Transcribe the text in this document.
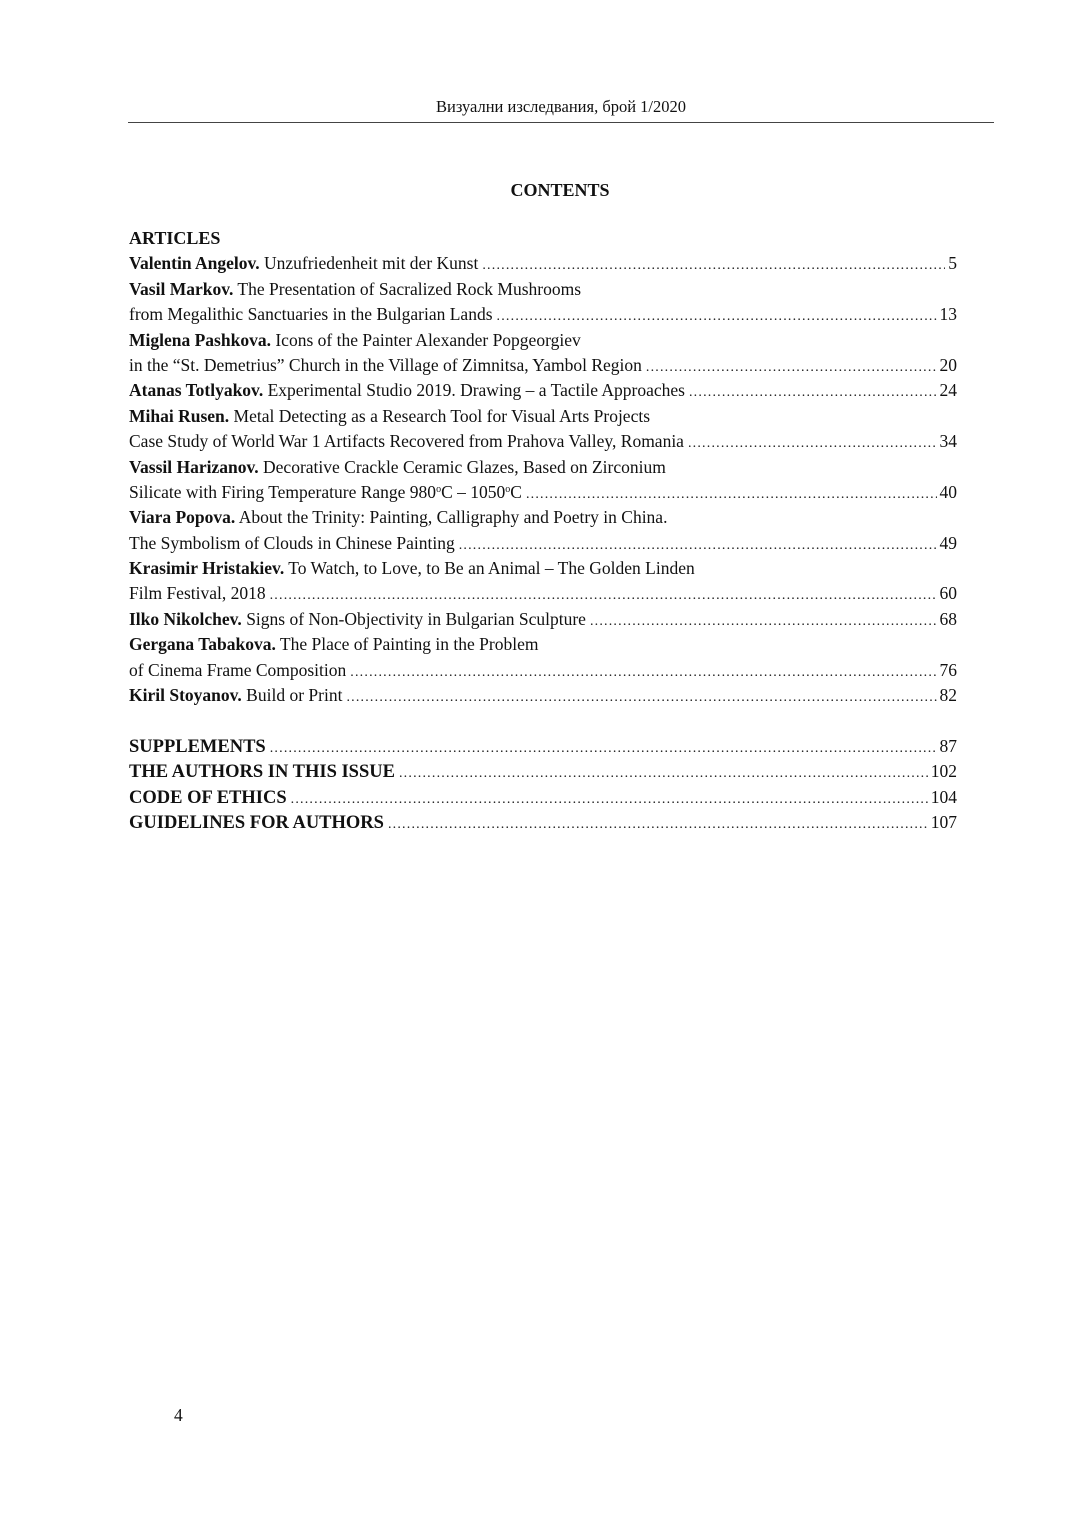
Визуални изследвания, брой 1/2020
CONTENTS
ARTICLES
Valentin Angelov. Unzufriedenheit mit der Kunst .....	5
Vasil Markov. The Presentation of Sacralized Rock Mushrooms
from Megalithic Sanctuaries in the Bulgarian Lands .....	13
Miglena Pashkova. Icons of the Painter Alexander Popgeorgiev
in the “St. Demetrius” Church in the Village of Zimnitsa, Yambol Region .....	20
Atanas Totlyakov. Experimental Studio 2019. Drawing – a Tactile Approaches .....	24
Mihai Rusen. Metal Detecting as a Research Tool for Visual Arts Projects
Case Study of World War 1 Artifacts Recovered from Prahova Valley, Romania .....	34
Vassil Harizanov. Decorative Crackle Ceramic Glazes, Based on Zirconium
Silicate with Firing Temperature Range 980$^o$C – 1050$^o$C .....	40
Viara Popova. About the Trinity: Painting, Calligraphy and Poetry in China.
The Symbolism of Clouds in Chinese Painting .....	49
Krasimir Hristakiev. To Watch, to Love, to Be an Animal – The Golden Linden
Film Festival, 2018 .....	60
Ilko Nikolchev. Signs of Non-Objectivity in Bulgarian Sculpture .....	68
Gergana Tabakova. The Place of Painting in the Problem
of Cinema Frame Composition .....	76
Kiril Stoyanov. Build or Print .....	82
SUPPLEMENTS .....	87
THE AUTHORS IN THIS ISSUE .....	102
CODE OF ETHICS .....	104
GUIDELINES FOR AUTHORS .....	107
4
